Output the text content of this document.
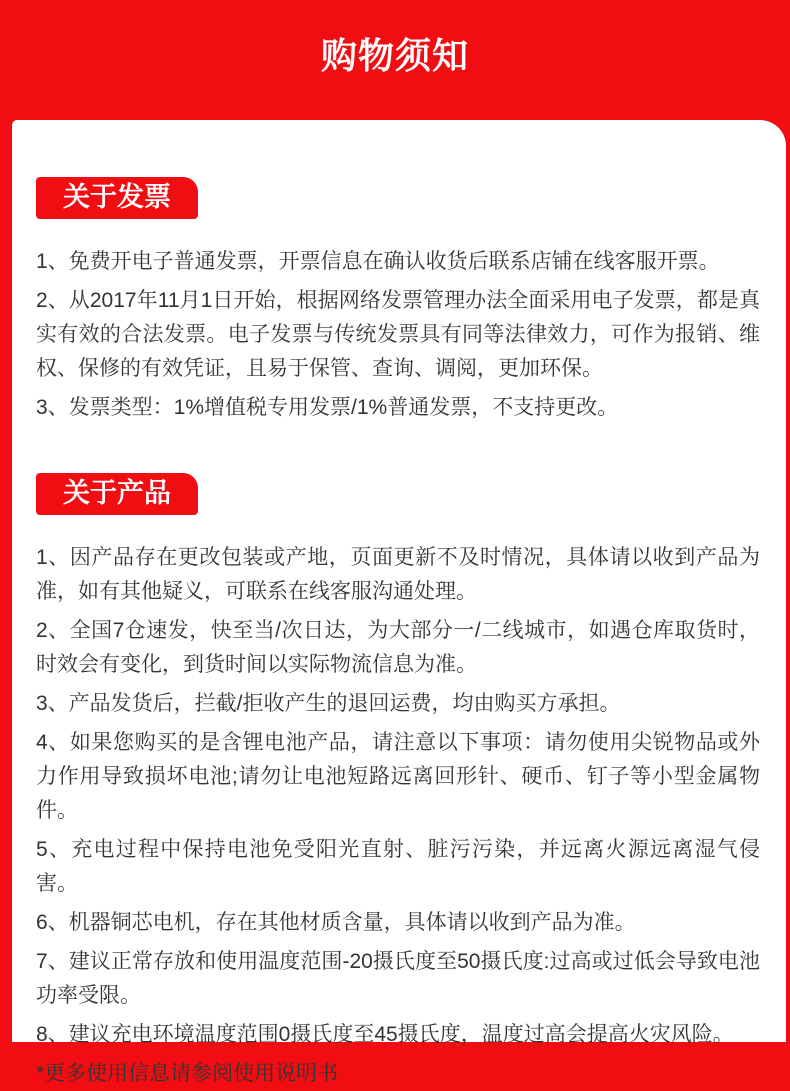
购物须知
关于发票

1、免费开电子普通发票，开票信息在确认收货后联系店铺在线客服开票。

2、从2017年11月1日开始，根据网络发票管理办法全面采用电子发票，都是真实有效的合法发票。电子发票与传统发票具有同等法律效力，可作为报销、维权、保修的有效凭证，且易于保管、查询、调阅，更加环保。

3、发票类型：1%增值税专用发票/1%普通发票，不支持更改。

关于产品

1、因产品存在更改包装或产地，页面更新不及时情况，具体请以收到产品为准，如有其他疑义，可联系在线客服沟通处理。

2、全国7仓速发，快至当/次日达，为大部分一/二线城市，如遇仓库取货时，时效会有变化，到货时间以实际物流信息为准。

3、产品发货后，拦截/拒收产生的退回运费，均由购买方承担。

4、如果您购买的是含锂电池产品，请注意以下事项：请勿使用尖锐物品或外力作用导致损坏电池;请勿让电池短路远离回形针、硬币、钉子等小型金属物件。

5、充电过程中保持电池免受阳光直射、脏污污染，并远离火源远离湿气侵害。

6、机器铜芯电机，存在其他材质含量，具体请以收到产品为准。

7、建议正常存放和使用温度范围-20摄氏度至50摄氏度:过高或过低会导致电池功率受限。

8、建议充电环境温度范围0摄氏度至45摄氏度，温度过高会提高火灾风险。

*更多使用信息请参阅使用说明书
